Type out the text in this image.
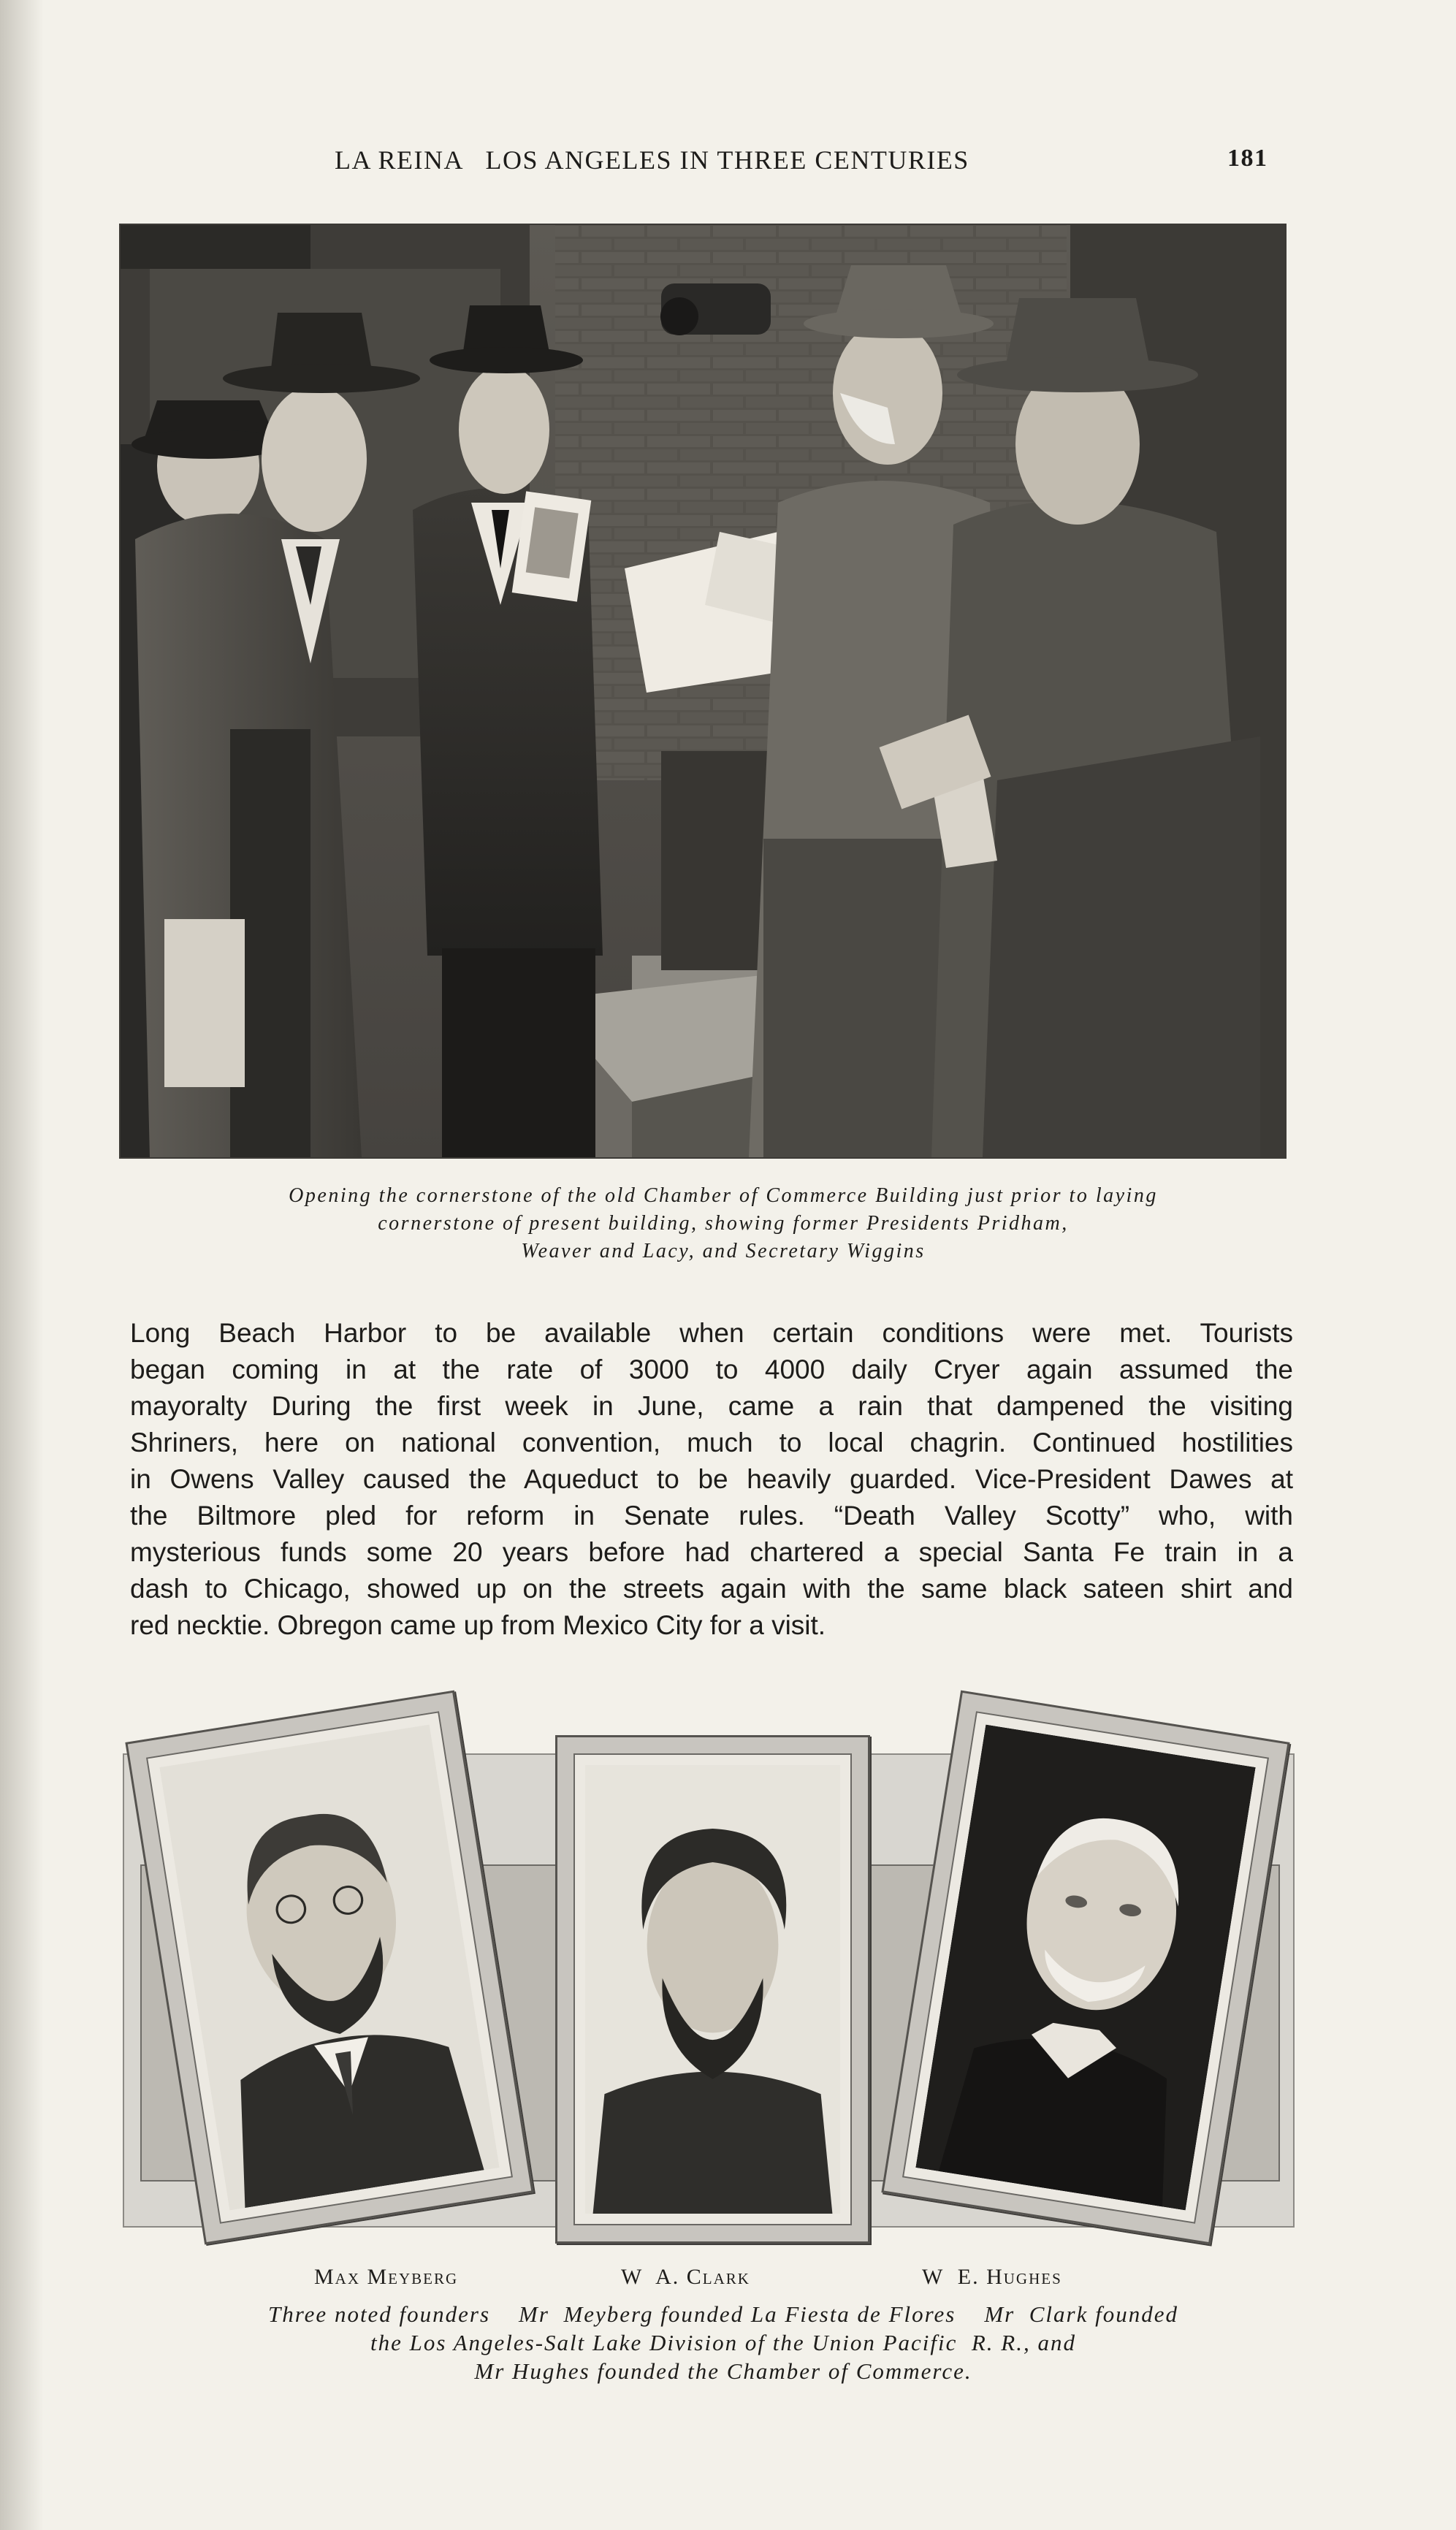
LA REINA   LOS ANGELES IN THREE CENTURIES	181
Opening the cornerstone of the old Chamber of Commerce Building just prior to laying
cornerstone of present building, showing former Presidents Pridham,
Weaver and Lacy, and Secretary Wiggins
Long Beach Harbor to be available when certain conditions were met. Tourists
began coming in at the rate of 3000 to 4000 daily Cryer again assumed the
mayoralty During the first week in June, came a rain that dampened the visiting
Shriners, here on national convention, much to local chagrin. Continued hostilities
in Owens Valley caused the Aqueduct to be heavily guarded. Vice-President Dawes at
the Biltmore pled for reform in Senate rules. “Death Valley Scotty” who, with
mysterious funds some 20 years before had chartered a special Santa Fe train in a
dash to Chicago, showed up on the streets again with the same black sateen shirt and
red necktie. Obregon came up from Mexico City for a visit.
Max Meyberg	W  A. Clark	W  E. Hughes
Three noted founders    Mr  Meyberg founded La Fiesta de Flores    Mr  Clark founded
the Los Angeles-Salt Lake Division of the Union Pacific  R. R., and
Mr Hughes founded the Chamber of Commerce.
